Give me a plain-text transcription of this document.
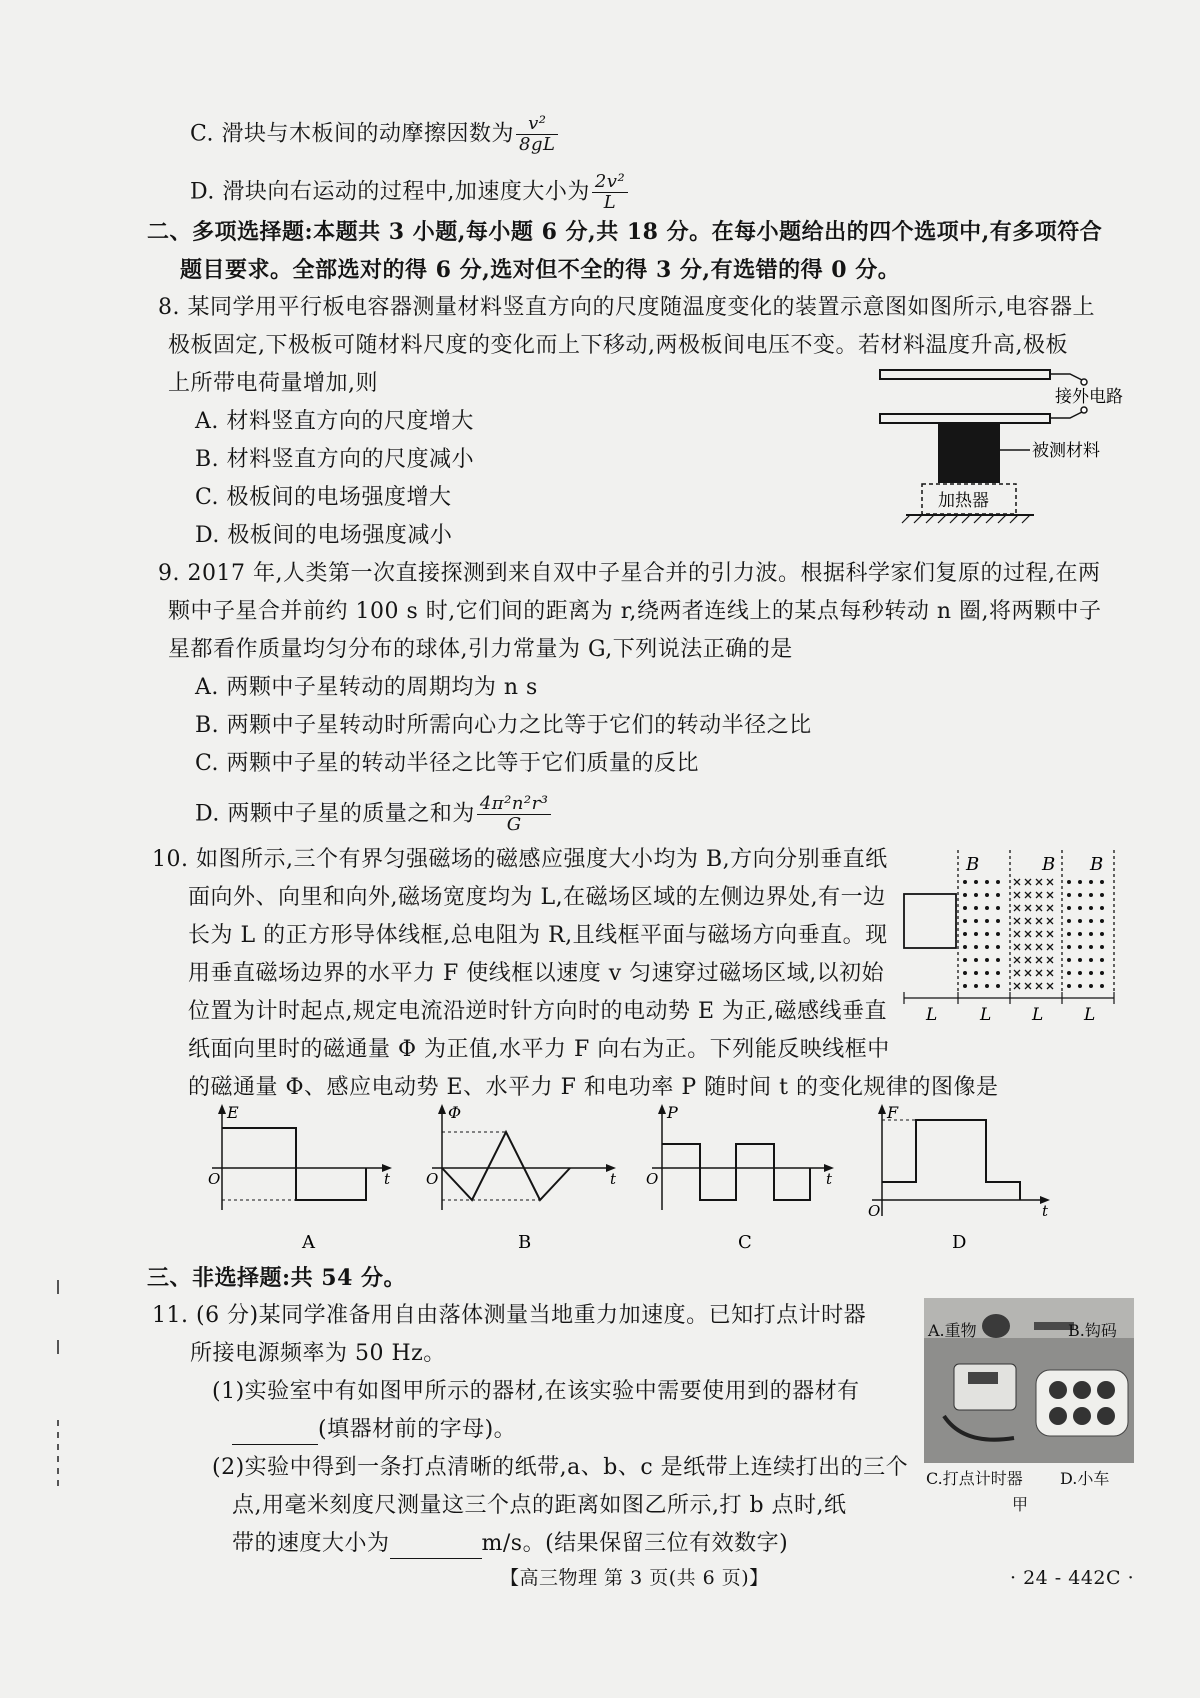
C. 滑块与木板间的动摩擦因数为 $\frac{\text{v²}}{8gL}$
D. 滑块向右运动的过程中,加速度大小为 $\frac{\text{2v²}}{L}$
二、多项选择题:本题共 3 小题,每小题 6 分,共 18 分。在每小题给出的四个选项中,有多项符合
题目要求。全部选对的得 6 分,选对但不全的得 3 分,有选错的得 0 分。
8. 某同学用平行板电容器测量材料竖直方向的尺度随温度变化的装置示意图如图所示,电容器上
极板固定,下极板可随材料尺度的变化而上下移动,两极板间电压不变。若材料温度升高,极板
上所带电荷量增加,则
A. 材料竖直方向的尺度增大
B. 材料竖直方向的尺度减小
C. 极板间的电场强度增大
D. 极板间的电场强度减小
接外电路
被测材料
加热器
9. 2017 年,人类第一次直接探测到来自双中子星合并的引力波。根据科学家们复原的过程,在两
颗中子星合并前约 100 s 时,它们间的距离为 r,绕两者连线上的某点每秒转动 n 圈,将两颗中子
星都看作质量均匀分布的球体,引力常量为 G,下列说法正确的是
A. 两颗中子星转动的周期均为 n s
B. 两颗中子星转动时所需向心力之比等于它们的转动半径之比
C. 两颗中子星的转动半径之比等于它们质量的反比
D. 两颗中子星的质量之和为 $\frac{\text{4π²n²r³}}{G}$
10. 如图所示,三个有界匀强磁场的磁感应强度大小均为 B,方向分别垂直纸
面向外、向里和向外,磁场宽度均为 L,在磁场区域的左侧边界处,有一边
长为 L 的正方形导体线框,总电阻为 R,且线框平面与磁场方向垂直。现
用垂直磁场边界的水平力 F 使线框以速度 v 匀速穿过磁场区域,以初始
位置为计时起点,规定电流沿逆时针方向时的电动势 E 为正,磁感线垂直
纸面向里时的磁通量 Φ 为正值,水平力 F 向右为正。下列能反映线框中
的磁通量 Φ、感应电动势 E、水平力 F 和电功率 P 随时间 t 的变化规律的图像是
B	B B
L	L L L
E
O	t
A
Φ
O	t
B
P
O	t
C
F
O	t
D
三、非选择题:共 54 分。
11. (6 分)某同学准备用自由落体测量当地重力加速度。已知打点计时器
所接电源频率为 50 Hz。
(1)实验室中有如图甲所示的器材,在该实验中需要使用到的器材有
(填器材前的字母)。
(2)实验中得到一条打点清晰的纸带,a、b、c 是纸带上连续打出的三个
点,用毫米刻度尺测量这三个点的距离如图乙所示,打 b 点时,纸
带的速度大小为	m/s。(结果保留三位有效数字)
A.重物	B.钩码
C.打点计时器 D.小车
甲
【高三物理 第 3 页(共 6 页)】	· 24 - 442C ·
